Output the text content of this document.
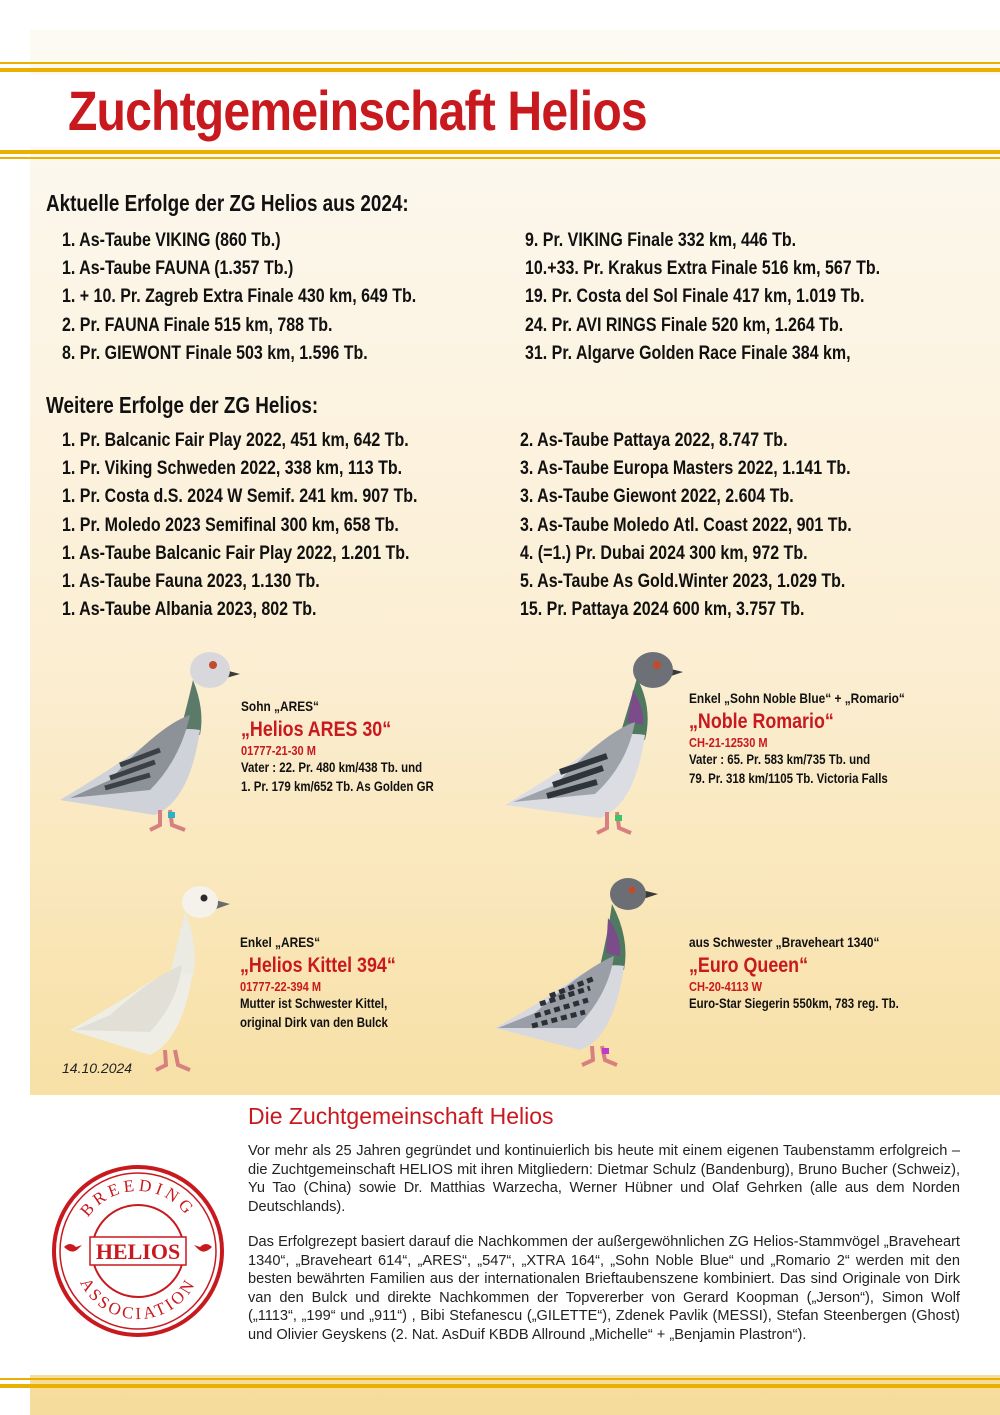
Zuchtgemeinschaft Helios
Aktuelle Erfolge der ZG Helios aus 2024:
1. As-Taube VIKING (860 Tb.)
1. As-Taube FAUNA (1.357 Tb.)
1. + 10. Pr. Zagreb Extra Finale 430 km, 649 Tb.
2. Pr. FAUNA Finale 515 km, 788 Tb.
8. Pr. GIEWONT Finale 503 km, 1.596 Tb.
9. Pr. VIKING Finale 332 km, 446 Tb.
10.+33. Pr. Krakus Extra Finale 516 km, 567 Tb.
19. Pr. Costa del Sol Finale 417 km, 1.019 Tb.
24. Pr. AVI RINGS Finale 520 km, 1.264 Tb.
31. Pr. Algarve Golden Race Finale 384 km,
Weitere Erfolge der ZG Helios:
1. Pr. Balcanic Fair Play 2022, 451 km, 642 Tb.
1. Pr. Viking Schweden 2022, 338 km, 113 Tb.
1. Pr. Costa d.S. 2024 W Semif. 241 km. 907 Tb.
1. Pr. Moledo 2023 Semifinal 300 km, 658 Tb.
1. As-Taube Balcanic Fair Play 2022, 1.201 Tb.
1. As-Taube Fauna 2023, 1.130 Tb.
1. As-Taube Albania 2023, 802 Tb.
2. As-Taube Pattaya 2022, 8.747 Tb.
3. As-Taube Europa Masters 2022, 1.141 Tb.
3. As-Taube Giewont 2022, 2.604 Tb.
3. As-Taube Moledo Atl. Coast 2022, 901 Tb.
4. (=1.) Pr. Dubai 2024 300 km, 972 Tb.
5. As-Taube As Gold.Winter 2023, 1.029 Tb.
15. Pr. Pattaya 2024 600 km, 3.757 Tb.
Sohn „ARES“
„Helios ARES 30“
01777-21-30 M
Vater : 22. Pr. 480 km/438 Tb. und
1. Pr. 179 km/652 Tb. As Golden GR
Enkel „Sohn Noble Blue“ + „Romario“
„Noble Romario“
CH-21-12530 M
Vater : 65. Pr. 583 km/735 Tb. und
79. Pr. 318 km/1105 Tb. Victoria Falls
Enkel „ARES“
„Helios Kittel 394“
01777-22-394 M
Mutter ist Schwester Kittel,
original Dirk van den Bulck
14.10.2024
aus Schwester „Braveheart 1340“
„Euro Queen“
CH-20-4113 W
Euro-Star Siegerin 550km, 783 reg. Tb.
Die Zuchtgemeinschaft Helios

Vor mehr als 25 Jahren gegründet und kontinuierlich bis heute mit einem eigenen Taubenstamm erfolgreich – die Zuchtgemeinschaft HELIOS mit ihren Mitgliedern: Dietmar Schulz (Bandenburg), Bruno Bucher (Schweiz), Yu Tao (China) sowie Dr. Matthias Warzecha, Werner Hübner und Olaf Gehrken (alle aus dem Norden Deutschlands).

Das Erfolgrezept basiert darauf die Nachkommen der außergewöhnlichen ZG Helios-Stammvögel „Braveheart 1340“, „Braveheart 614“, „ARES“, „547“, „XTRA 164“, „Sohn Noble Blue“ und „Romario 2“ werden mit den besten bewährten Familien aus der internationalen Brieftaubenszene kombiniert. Das sind Originale von Dirk van den Bulck und direkte Nachkommen der Topvererber von Gerard Koopman („Jerson“), Simon Wolf („1113“, „199“ und „911“) , Bibi Stefanescu („GILETTE“), Zdenek Pavlik (MESSI), Stefan Steenbergen (Ghost) und Olivier Geyskens (2. Nat. AsDuif KBDB Allround „Michelle“ + „Benjamin Plastron“).

BREEDING
ASSOCIATION
HELIOS
